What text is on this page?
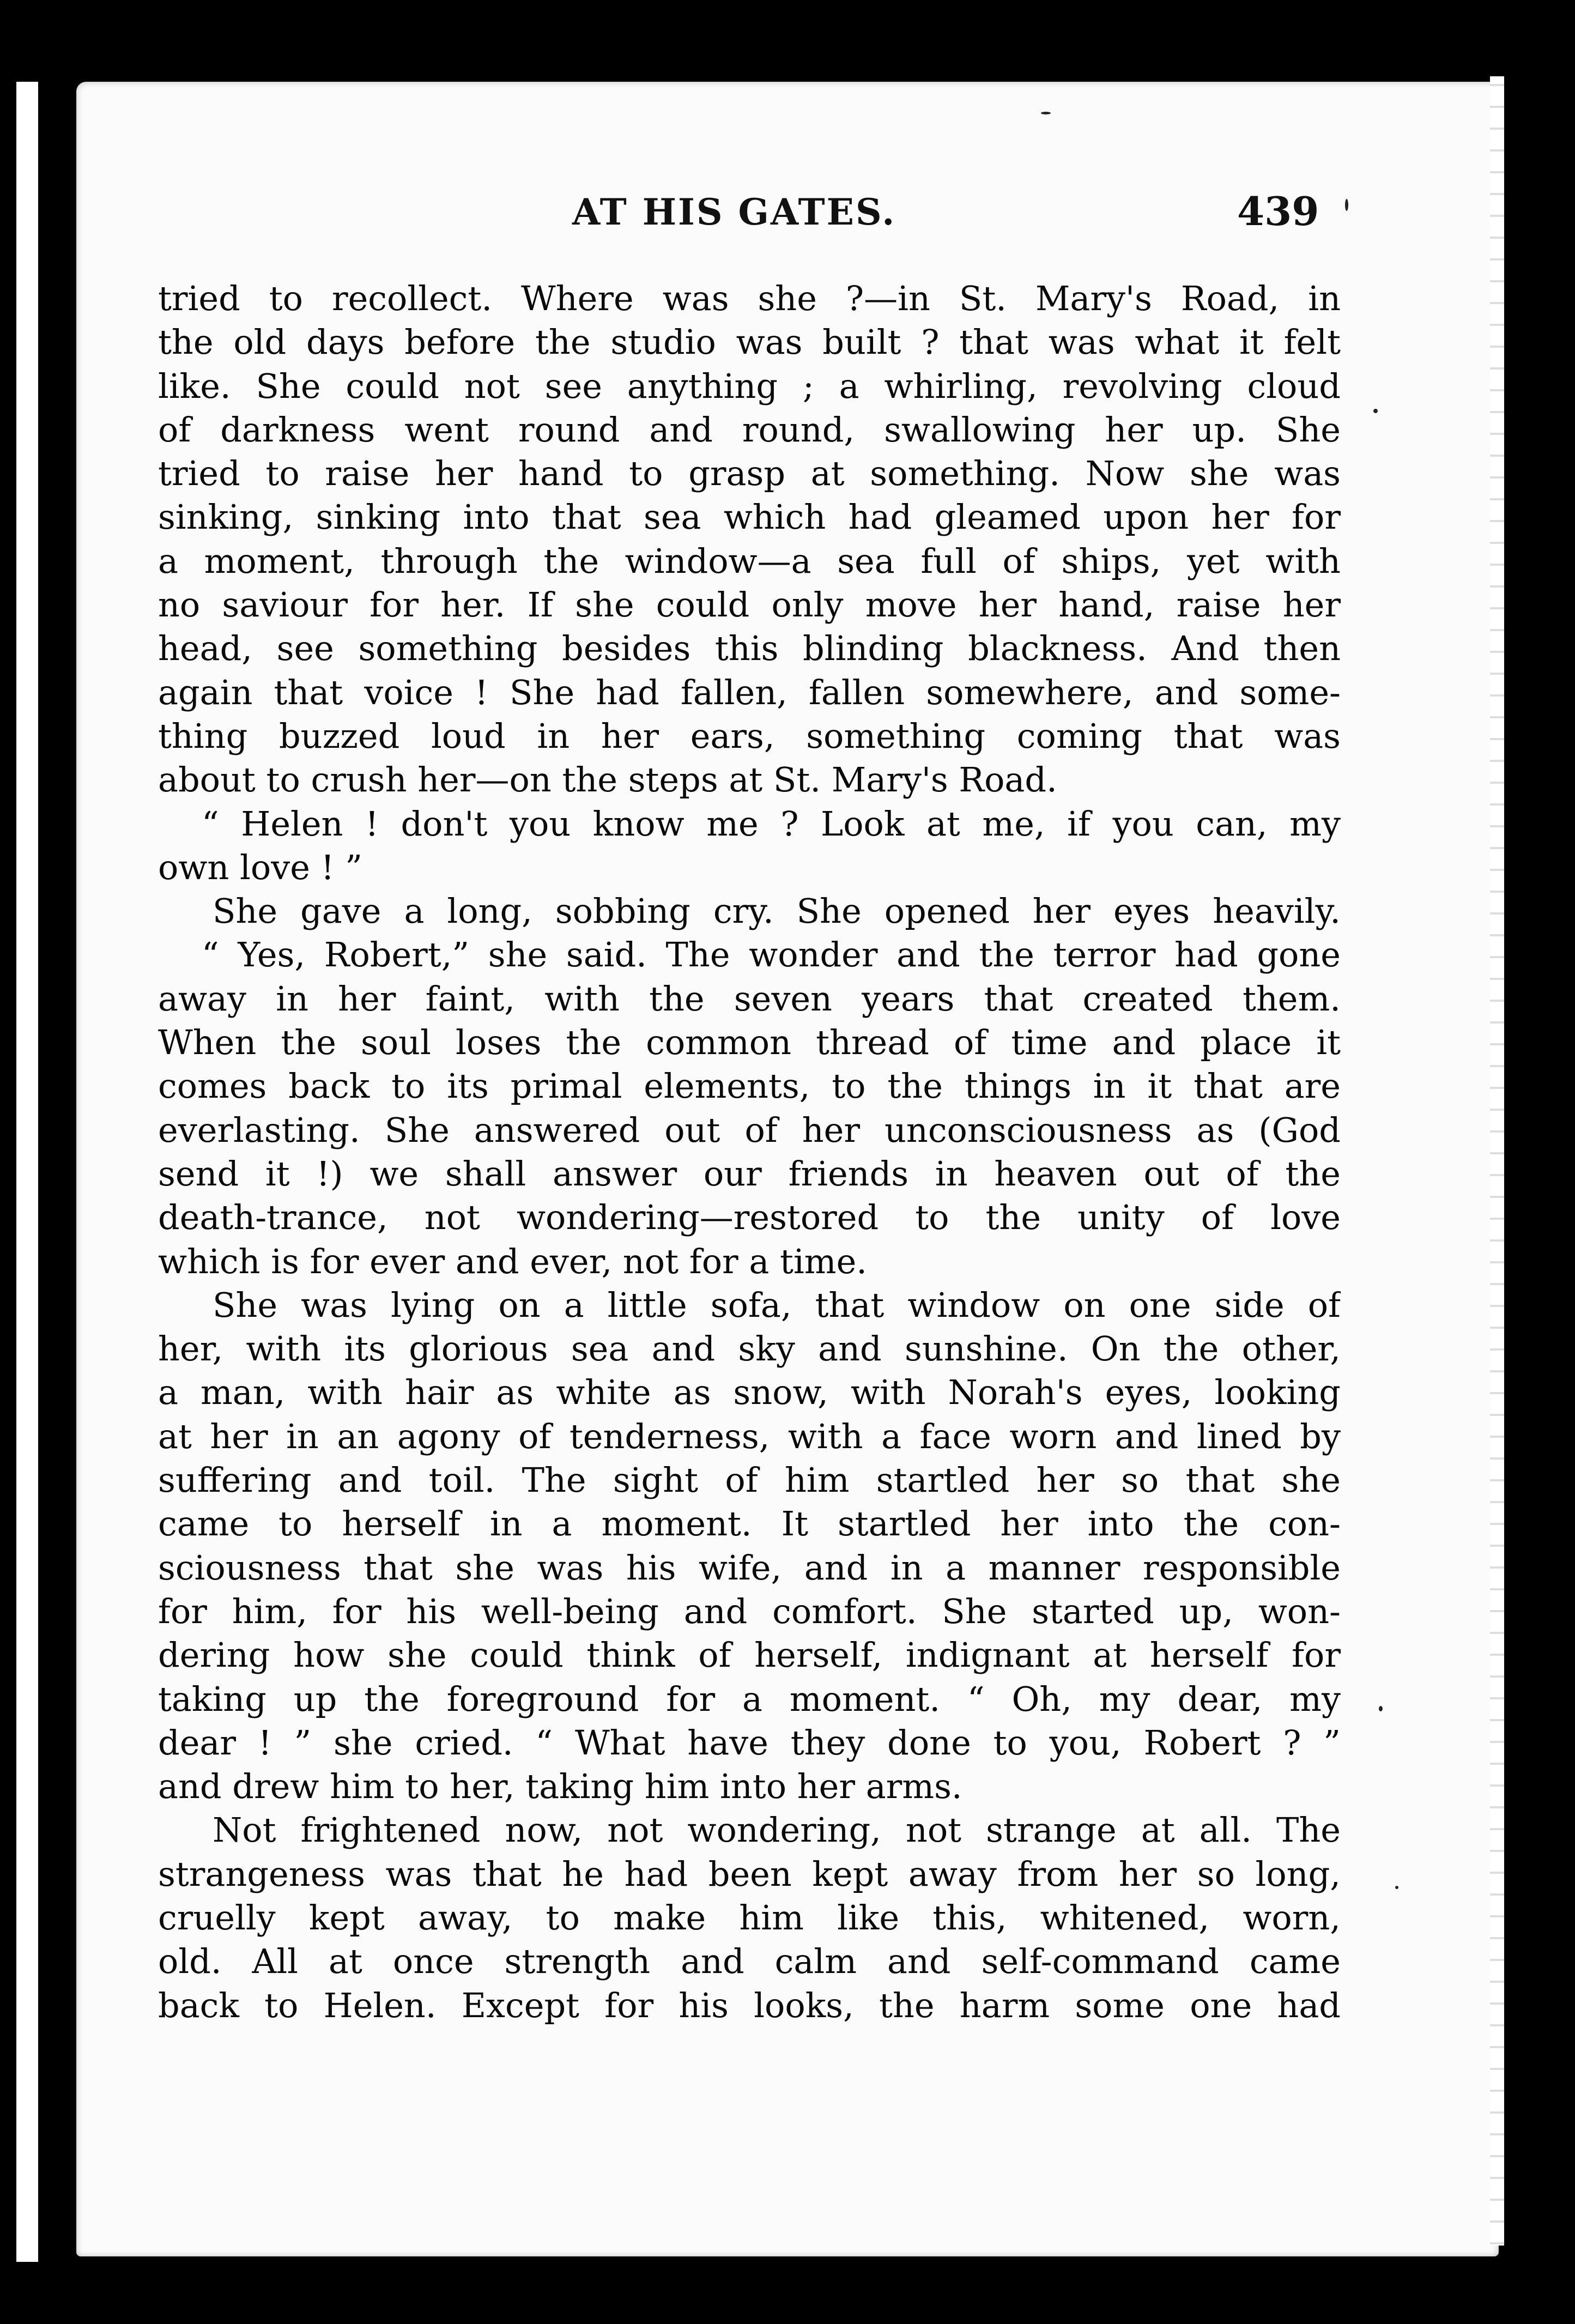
AT HIS GATES.	439
tried to recollect. Where was she ?—in St. Mary's Road, in
the old days before the studio was built ? that was what it felt
like. She could not see anything ; a whirling, revolving cloud
of darkness went round and round, swallowing her up. She
tried to raise her hand to grasp at something. Now she was
sinking, sinking into that sea which had gleamed upon her for
a moment, through the window—a sea full of ships, yet with
no saviour for her. If she could only move her hand, raise her
head, see something besides this blinding blackness. And then
again that voice ! She had fallen, fallen somewhere, and some-
thing buzzed loud in her ears, something coming that was
about to crush her—on the steps at St. Mary's Road.
“ Helen ! don't you know me ? Look at me, if you can, my
own love ! ”
She gave a long, sobbing cry. She opened her eyes heavily.
“ Yes, Robert,” she said. The wonder and the terror had gone
away in her faint, with the seven years that created them.
When the soul loses the common thread of time and place it
comes back to its primal elements, to the things in it that are
everlasting. She answered out of her unconsciousness as (God
send it !) we shall answer our friends in heaven out of the
death-trance, not wondering—restored to the unity of love
which is for ever and ever, not for a time.
She was lying on a little sofa, that window on one side of
her, with its glorious sea and sky and sunshine. On the other,
a man, with hair as white as snow, with Norah's eyes, looking
at her in an agony of tenderness, with a face worn and lined by
suffering and toil. The sight of him startled her so that she
came to herself in a moment. It startled her into the con-
sciousness that she was his wife, and in a manner responsible
for him, for his well-being and comfort. She started up, won-
dering how she could think of herself, indignant at herself for
taking up the foreground for a moment. “ Oh, my dear, my
dear ! ” she cried. “ What have they done to you, Robert ? ”
and drew him to her, taking him into her arms.
Not frightened now, not wondering, not strange at all. The
strangeness was that he had been kept away from her so long,
cruelly kept away, to make him like this, whitened, worn,
old. All at once strength and calm and self-command came
back to Helen. Except for his looks, the harm some one had
